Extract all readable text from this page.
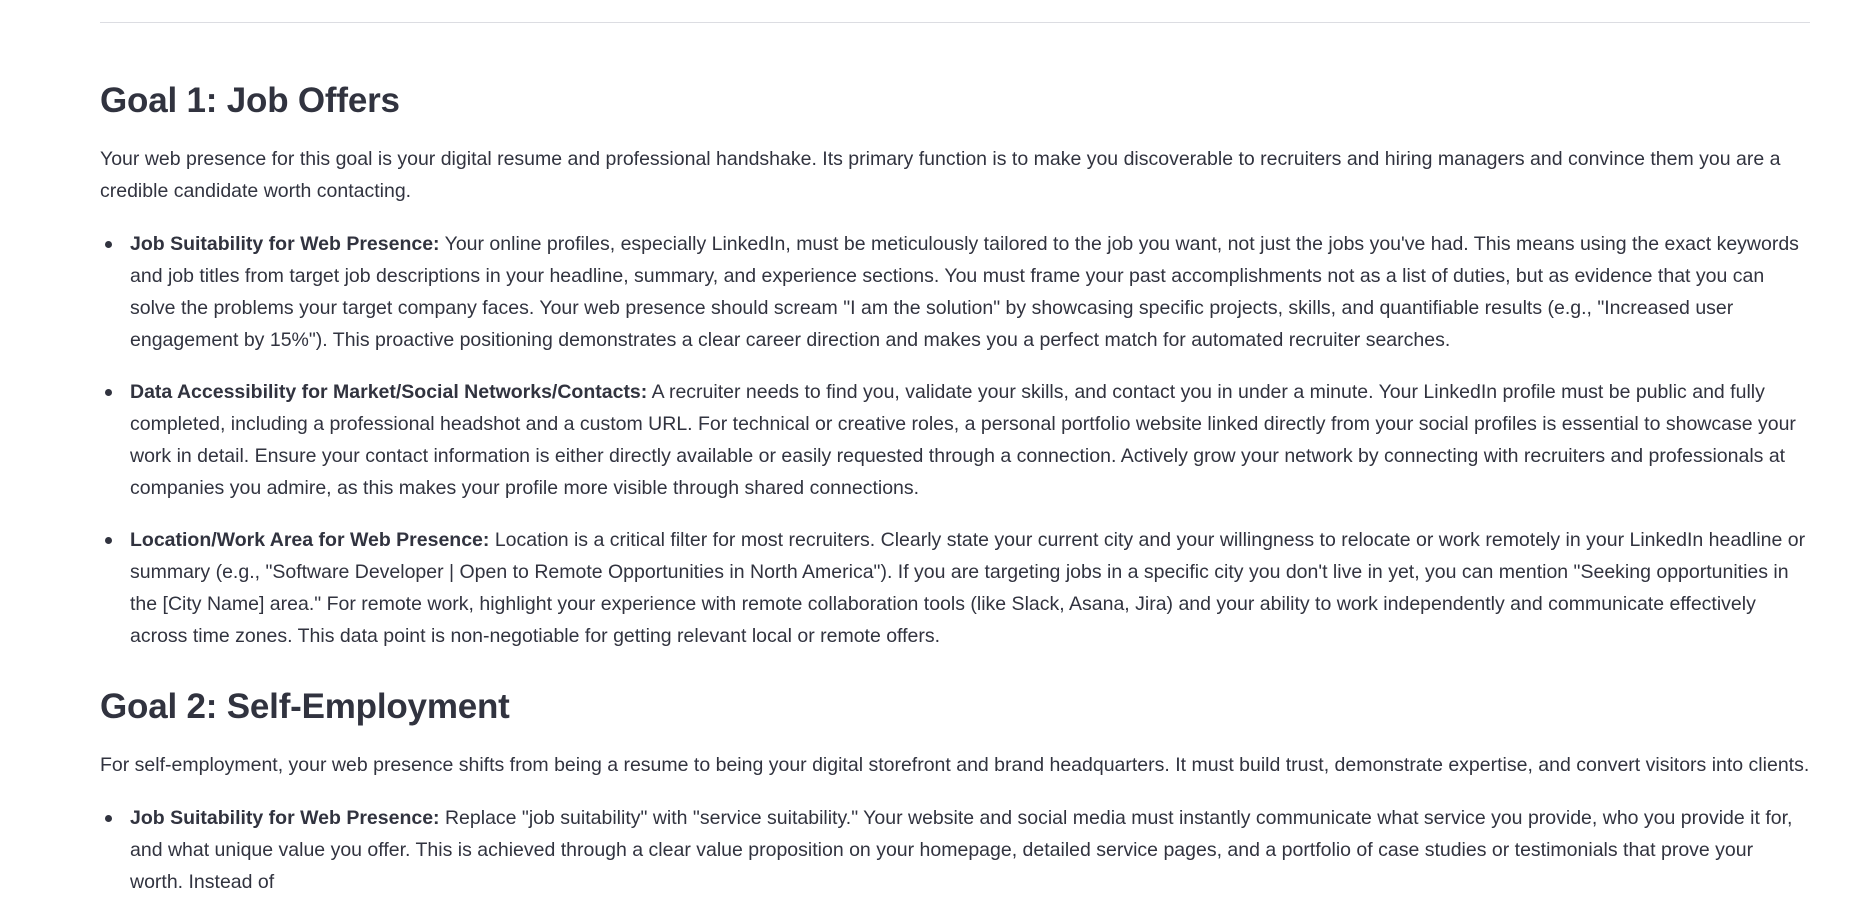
Goal 1: Job Offers

Your web presence for this goal is your digital resume and professional handshake. Its primary function is to make you discoverable to recruiters and hiring managers and convince them you are a credible candidate worth contacting.

Job Suitability for Web Presence: Your online profiles, especially LinkedIn, must be meticulously tailored to the job you want, not just the jobs you've had. This means using the exact keywords and job titles from target job descriptions in your headline, summary, and experience sections. You must frame your past accomplishments not as a list of duties, but as evidence that you can solve the problems your target company faces. Your web presence should scream "I am the solution" by showcasing specific projects, skills, and quantifiable results (e.g., "Increased user engagement by 15%"). This proactive positioning demonstrates a clear career direction and makes you a perfect match for automated recruiter searches.
Data Accessibility for Market/Social Networks/Contacts: A recruiter needs to find you, validate your skills, and contact you in under a minute. Your LinkedIn profile must be public and fully completed, including a professional headshot and a custom URL. For technical or creative roles, a personal portfolio website linked directly from your social profiles is essential to showcase your work in detail. Ensure your contact information is either directly available or easily requested through a connection. Actively grow your network by connecting with recruiters and professionals at companies you admire, as this makes your profile more visible through shared connections.
Location/Work Area for Web Presence: Location is a critical filter for most recruiters. Clearly state your current city and your willingness to relocate or work remotely in your LinkedIn headline or summary (e.g., "Software Developer | Open to Remote Opportunities in North America"). If you are targeting jobs in a specific city you don't live in yet, you can mention "Seeking opportunities in the [City Name] area." For remote work, highlight your experience with remote collaboration tools (like Slack, Asana, Jira) and your ability to work independently and communicate effectively across time zones. This data point is non-negotiable for getting relevant local or remote offers.
Goal 2: Self-Employment

For self-employment, your web presence shifts from being a resume to being your digital storefront and brand headquarters. It must build trust, demonstrate expertise, and convert visitors into clients.

Job Suitability for Web Presence: Replace "job suitability" with "service suitability." Your website and social media must instantly communicate what service you provide, who you provide it for, and what unique value you offer. This is achieved through a clear value proposition on your homepage, detailed service pages, and a portfolio of case studies or testimonials that prove your worth. Instead of
